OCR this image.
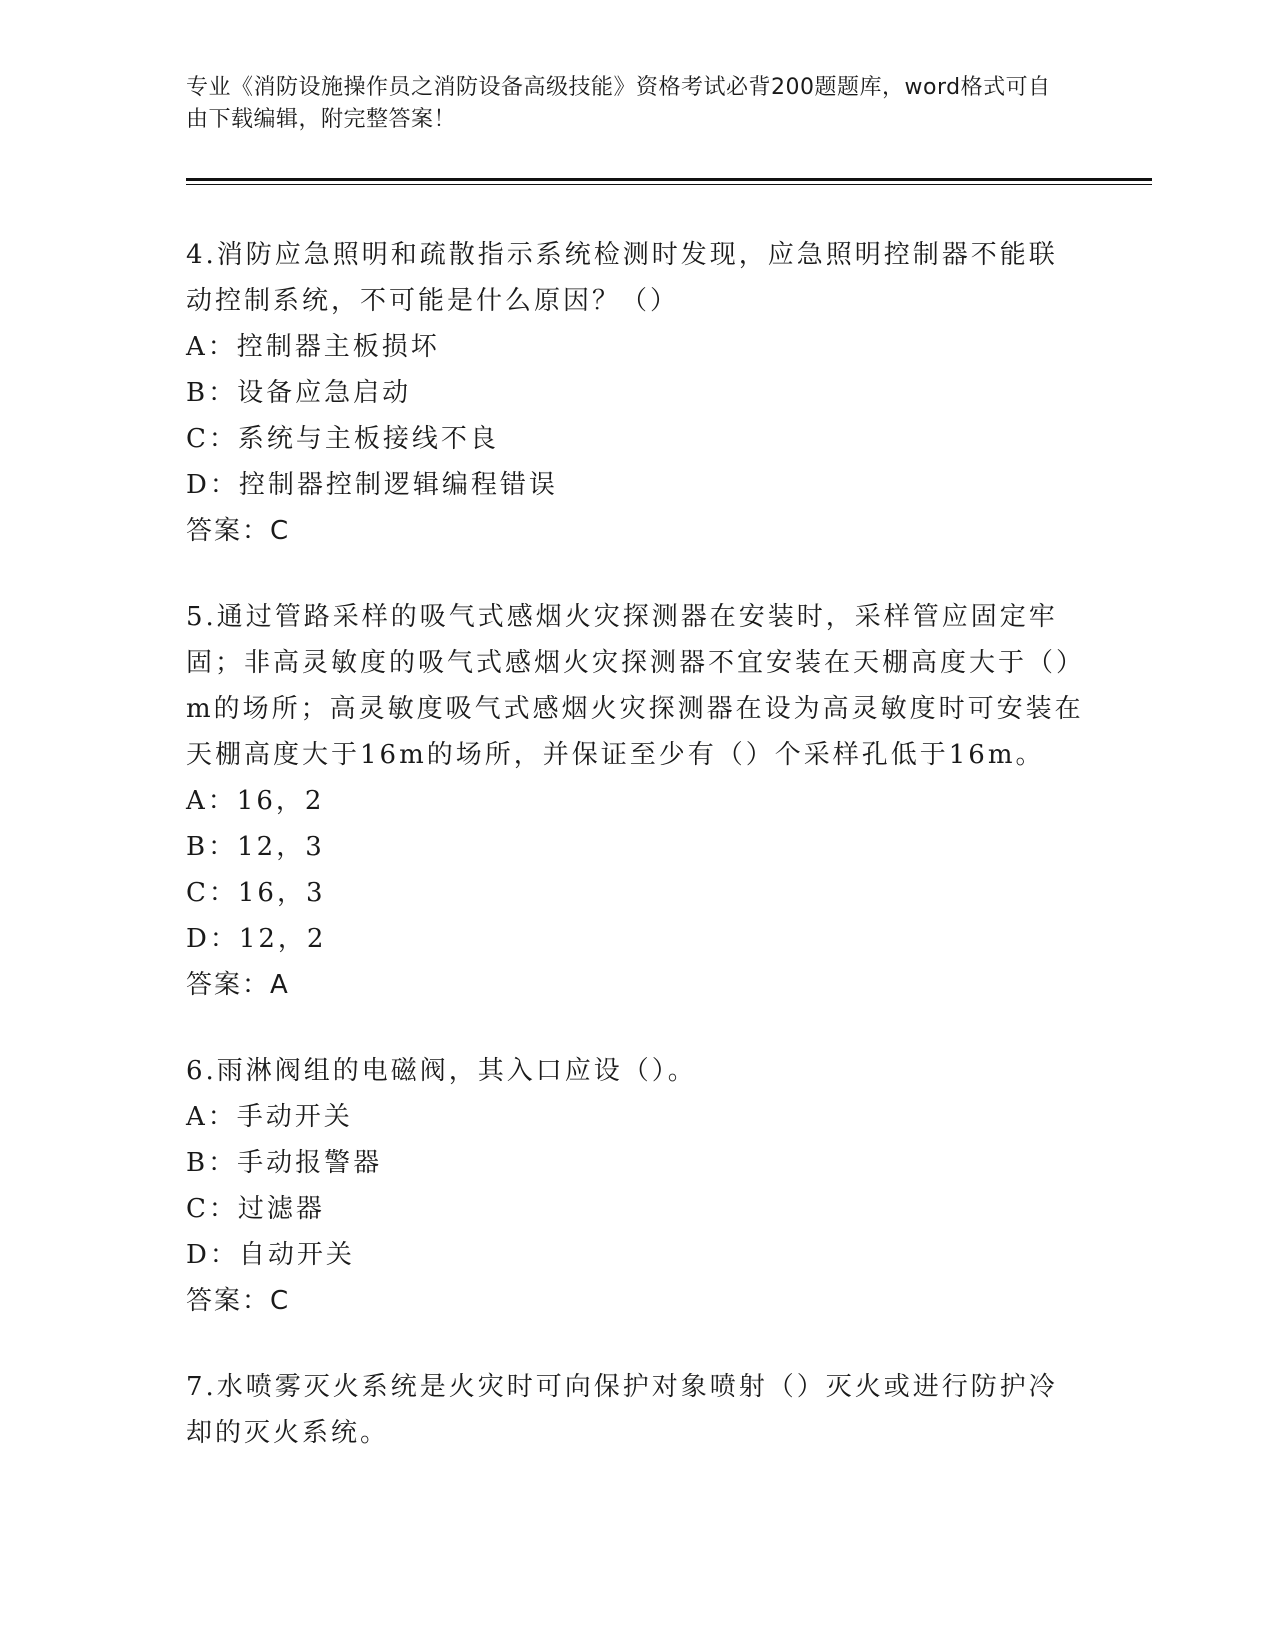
专业《消防设施操作员之消防设备高级技能》资格考试必背200题题库，word格式可自由下载编辑，附完整答案！

4.消防应急照明和疏散指示系统检测时发现，应急照明控制器不能联动控制系统，不可能是什么原因？（）

A：控制器主板损坏

B：设备应急启动

C：系统与主板接线不良

D：控制器控制逻辑编程错误

答案：C

5.通过管路采样的吸气式感烟火灾探测器在安装时，采样管应固定牢固；非高灵敏度的吸气式感烟火灾探测器不宜安装在天棚高度大于（）m的场所；高灵敏度吸气式感烟火灾探测器在设为高灵敏度时可安装在天棚高度大于16m的场所，并保证至少有（）个采样孔低于16m。

A：16，2

B：12，3

C：16，3

D：12，2

答案：A

6.雨淋阀组的电磁阀，其入口应设（）。

A：手动开关

B：手动报警器

C：过滤器

D：自动开关

答案：C

7.水喷雾灭火系统是火灾时可向保护对象喷射（）灭火或进行防护冷却的灭火系统。
